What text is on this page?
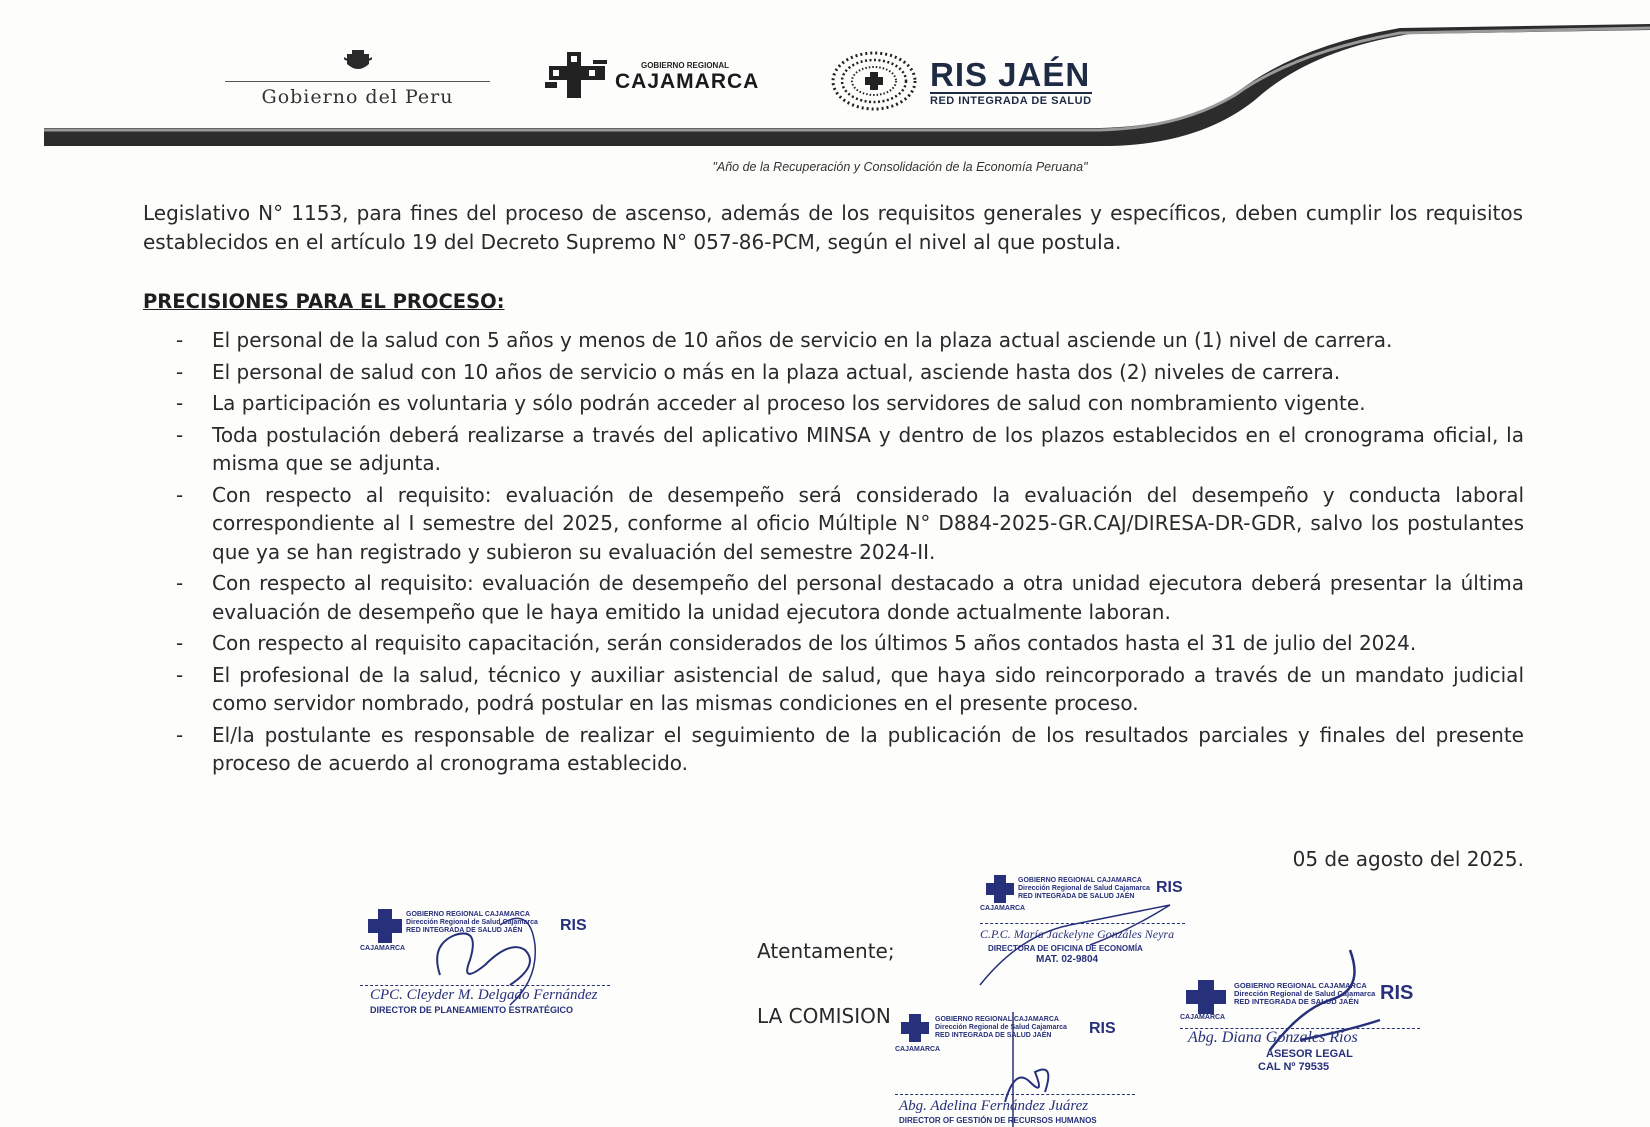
Gobierno del Peru
GOBIERNO REGIONAL
CAJAMARCA	RIS JAÉN
RED INTEGRADA DE SALUD
"Año de la Recuperación y Consolidación de la Economía Peruana"
Legislativo N° 1153, para fines del proceso de ascenso, además de los requisitos generales y específicos, deben cumplir los requisitos establecidos en el artículo 19 del Decreto Supremo N° 057-86-PCM, según el nivel al que postula.
PRECISIONES PARA EL PROCESO:
- El personal de la salud con 5 años y menos de 10 años de servicio en la plaza actual asciende un (1) nivel de carrera.
- El personal de salud con 10 años de servicio o más en la plaza actual, asciende hasta dos (2) niveles de carrera.
- La participación es voluntaria y sólo podrán acceder al proceso los servidores de salud con nombramiento vigente.
- Toda postulación deberá realizarse a través del aplicativo MINSA y dentro de los plazos establecidos en el cronograma oficial, la misma que se adjunta.
- Con respecto al requisito: evaluación de desempeño será considerado la evaluación del desempeño y conducta laboral correspondiente al I semestre del 2025, conforme al oficio Múltiple N° D884-2025-GR.CAJ/DIRESA-DR-GDR, salvo los postulantes que ya se han registrado y subieron su evaluación del semestre 2024-II.
- Con respecto al requisito: evaluación de desempeño del personal destacado a otra unidad ejecutora deberá presentar la última evaluación de desempeño que le haya emitido la unidad ejecutora donde actualmente laboran.
- Con respecto al requisito capacitación, serán considerados de los últimos 5 años contados hasta el 31 de julio del 2024.
- El profesional de la salud, técnico y auxiliar asistencial de salud, que haya sido reincorporado a través de un mandato judicial como servidor nombrado, podrá postular en las mismas condiciones en el presente proceso.
- El/la postulante es responsable de realizar el seguimiento de la publicación de los resultados parciales y finales del presente proceso de acuerdo al cronograma establecido.
05 de agosto del 2025.
Atentamente;
LA COMISION
GOBIERNO REGIONAL CAJAMARCA
Dirección Regional de Salud Cajamarca
RED INTEGRADA DE SALUD JAÉN	RIS
CAJAMARCA
CPC. Cleyder M. Delgado Fernández
DIRECTOR DE PLANEAMIENTO ESTRATÉGICO
GOBIERNO REGIONAL CAJAMARCA
Dirección Regional de Salud Cajamarca
RED INTEGRADA DE SALUD JAÉN
RIS
CAJAMARCA
C.P.C. María Jackelyne Gonzáles Neyra
DIRECTORA DE OFICINA DE ECONOMÍA
MAT. 02-9804
GOBIERNO REGIONAL CAJAMARCA
Dirección Regional de Salud Cajamarca
RED INTEGRADA DE SALUD JAÉN	RIS
CAJAMARCA
Abg. Adelina Fernández Juárez
DIRECTOR OF GESTIÓN DE RECURSOS HUMANOS
GOBIERNO REGIONAL CAJAMARCA
Dirección Regional de Salud Cajamarca
RED INTEGRADA DE SALUD JAÉN	RIS
CAJAMARCA
Abg. Diana Gonzales Ríos
ASESOR LEGAL
CAL Nº 79535
